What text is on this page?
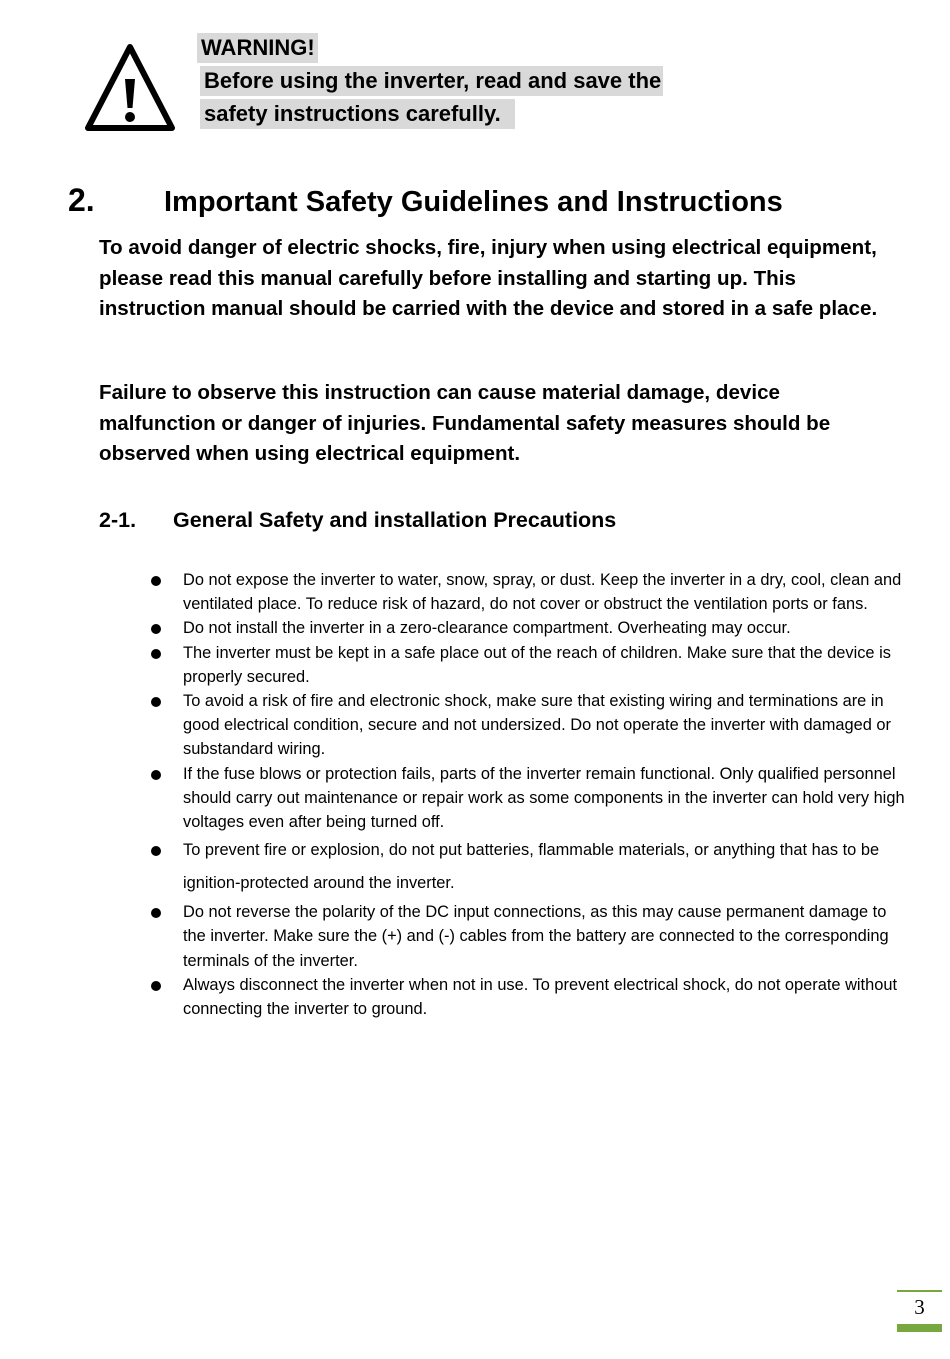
WARNING!
Before using the inverter, read and save the
safety instructions carefully.
2. Important Safety Guidelines and Instructions
To avoid danger of electric shocks, fire, injury when using electrical equipment, please read this manual carefully before installing and starting up. This instruction manual should be carried with the device and stored in a safe place.
Failure to observe this instruction can cause material damage, device malfunction or danger of injuries. Fundamental safety measures should be observed when using electrical equipment.
2-1. General Safety and installation Precautions
Do not expose the inverter to water, snow, spray, or dust. Keep the inverter in a dry, cool, clean and ventilated place. To reduce risk of hazard, do not cover or obstruct the ventilation ports or fans.
Do not install the inverter in a zero-clearance compartment. Overheating may occur.
The inverter must be kept in a safe place out of the reach of children. Make sure that the device is properly secured.
To avoid a risk of fire and electronic shock, make sure that existing wiring and terminations are in good electrical condition, secure and not undersized. Do not operate the inverter with damaged or substandard wiring.
If the fuse blows or protection fails, parts of the inverter remain functional. Only qualified personnel should carry out maintenance or repair work as some components in the inverter can hold very high voltages even after being turned off.
To prevent fire or explosion, do not put batteries, flammable materials, or anything that has to be ignition-protected around the inverter.
Do not reverse the polarity of the DC input connections, as this may cause permanent damage to the inverter. Make sure the (+) and (-) cables from the battery are connected to the corresponding terminals of the inverter.
Always disconnect the inverter when not in use. To prevent electrical shock, do not operate without connecting the inverter to ground.
3
